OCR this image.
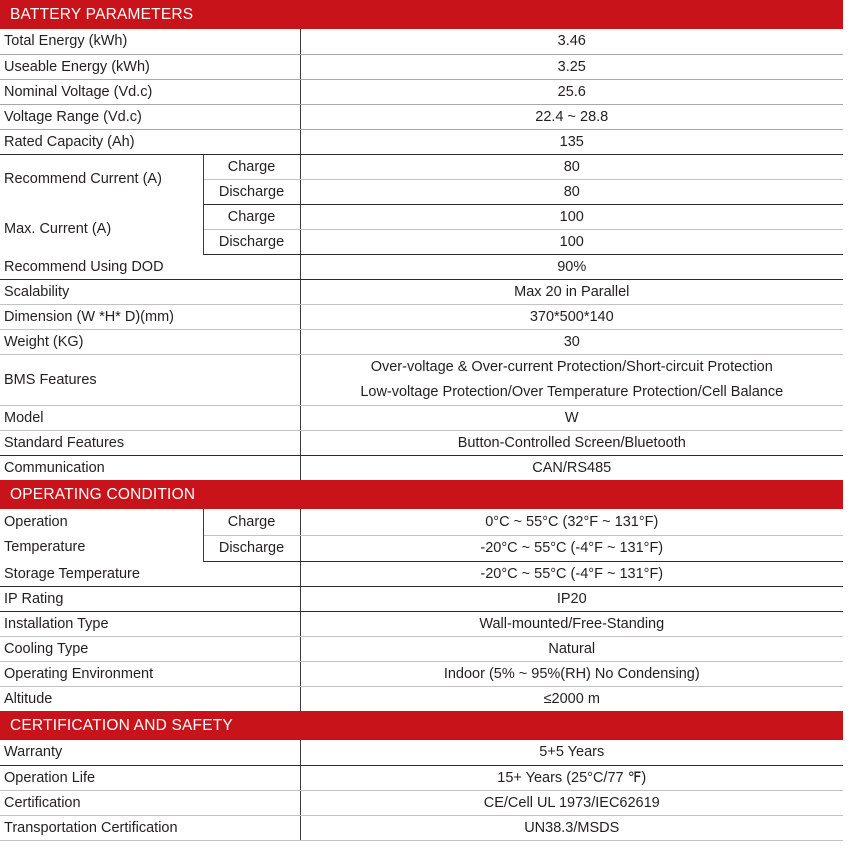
BATTERY PARAMETERS		
Total Energy (kWh)		3.46
Useable Energy (kWh)		3.25
Nominal Voltage (Vd.c)		25.6
Voltage Range (Vd.c)		22.4 ~ 28.8
Rated Capacity (Ah)		135
Recommend Current (A)	Charge	80
	Discharge	80
Max. Current (A)	Charge	100
	Discharge	100
Recommend Using DOD		90%
Scalability		Max 20 in Parallel
Dimension (W *H* D)(mm)		370*500*140
Weight (KG)		30
BMS Features		Over-voltage & Over-current Protection/Short-circuit Protection
Low-voltage Protection/Over Temperature Protection/Cell Balance

Model		W
Standard Features		Button-Controlled Screen/Bluetooth
Communication		CAN/RS485
OPERATING CONDITION		

Operation
Temperature	Charge	0°C ~ 55°C (32°F ~ 131°F)
	Discharge	-20°C ~ 55°C (-4°F ~ 131°F)
Storage Temperature		-20°C ~ 55°C (-4°F ~ 131°F)
IP Rating		IP20
Installation Type		Wall-mounted/Free-Standing
Cooling Type		Natural
Operating Environment		Indoor (5% ~ 95%(RH) No Condensing)
Altitude		≤2000 m
CERTIFICATION AND SAFETY		
Warranty		5+5 Years
Operation Life		15+ Years (25°C/77 ℉)
Certification		CE/Cell UL 1973/IEC62619
Transportation Certification		UN38.3/MSDS
